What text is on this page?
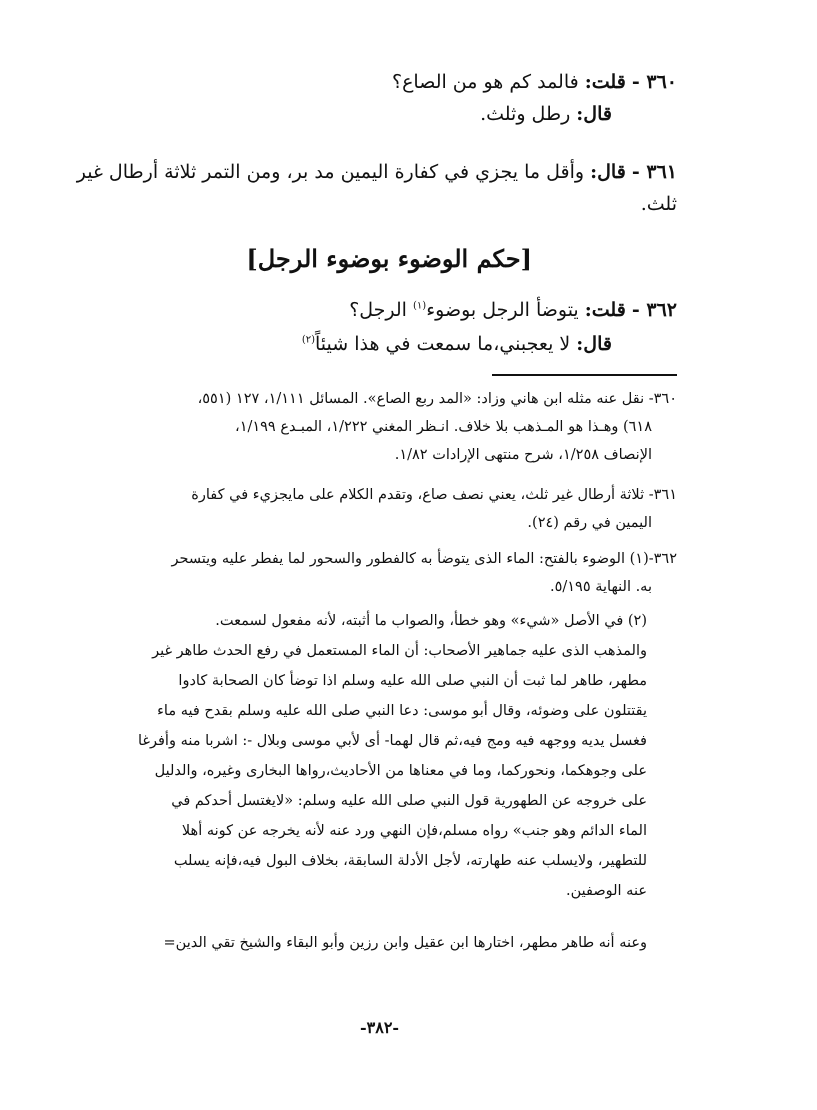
٣٦٠ - قلت: فالمد كم هو من الصاع؟
قال: رطل وثلث.
٣٦١ - قال: وأقل ما يجزي في كفارة اليمين مد بر، ومن التمر ثلاثة أرطال غير
ثلث.
[حكم الوضوء بوضوء الرجل]
٣٦٢ - قلت: يتوضأ الرجل بوضوء$^{(١)}$ الرجل؟
قال: لا يعجبني،ما سمعت في هذا شيئاً$^{(٢)}$
٣٦٠- نقل عنه مثله ابن هاني وزاد: «المد ربع الصاع». المسائل ١/١١١، ١٢٧ (٥٥١،
٦١٨) وهـذا هو المـذهب بلا خلاف. انـظر المغني ١/٢٢٢، المبـدع ١/١٩٩،
الإنصاف ١/٢٥٨، شرح منتهى الإرادات ١/٨٢.
٣٦١- ثلاثة أرطال غير ثلث، يعني نصف صاع، وتقدم الكلام على مايجزيء في كفارة
اليمين في رقم (٢٤).
٣٦٢-(١) الوضوء بالفتح: الماء الذى يتوضأ به كالفطور والسحور لما يفطر عليه ويتسحر
به. النهاية ٥/١٩٥.
(٢) في الأصل «شيء» وهو خطأ، والصواب ما أثبته، لأنه مفعول لسمعت.
والمذهب الذى عليه جماهير الأصحاب: أن الماء المستعمل في رفع الحدث طاهر غير
مطهر، طاهر لما ثبت أن النبي صلى الله عليه وسلم اذا توضأ كان الصحابة كادوا
يقتتلون على وضوئه، وقال أبو موسى: دعا النبي صلى الله عليه وسلم بقدح فيه ماء
فغسل يديه ووجهه فيه ومج فيه،ثم قال لهما- أى لأبي موسى وبلال -: اشربا منه وأفرغا
على وجوهكما، ونحوركما، وما في معناها من الأحاديث،رواها البخارى وغيره، والدليل
على خروجه عن الطهورية قول النبي صلى الله عليه وسلم: «لايغتسل أحدكم في
الماء الدائم وهو جنب» رواه مسلم،فإن النهي ورد عنه لأنه يخرجه عن كونه أهلا
للتطهير، ولايسلب عنه طهارته، لأجل الأدلة السابقة، بخلاف البول فيه،فإنه يسلب
عنه الوصفين.
وعنه أنه طاهر مطهر، اختارها ابن عقيل وابن رزين وأبو البقاء والشيخ تقي الدين=
-٣٨٢-
